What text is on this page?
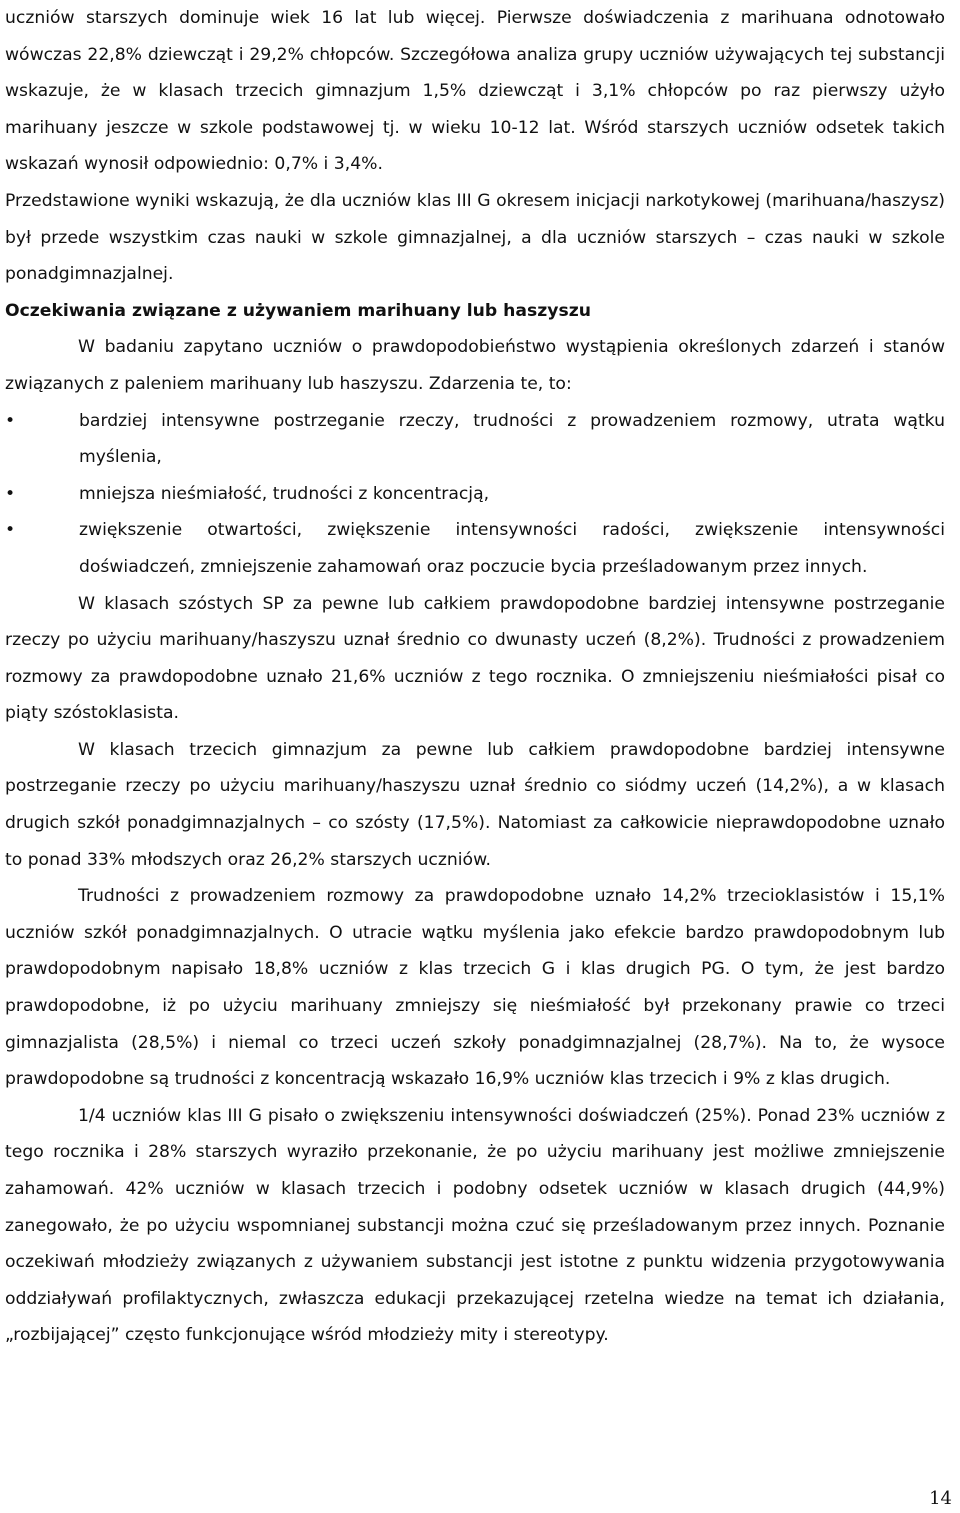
uczniów starszych dominuje wiek 16 lat lub więcej. Pierwsze doświadczenia z marihuana odnotowało wówczas 22,8% dziewcząt i 29,2% chłopców. Szczegółowa analiza grupy uczniów używających tej substancji wskazuje, że w klasach trzecich gimnazjum 1,5% dziewcząt i 3,1% chłopców po raz pierwszy użyło marihuany jeszcze w szkole podstawowej tj. w wieku 10-12 lat. Wśród starszych uczniów odsetek takich wskazań wynosił odpowiednio: 0,7% i 3,4%.

Przedstawione wyniki wskazują, że dla uczniów klas III G okresem inicjacji narkotykowej (marihuana/haszysz) był przede wszystkim czas nauki w szkole gimnazjalnej, a dla uczniów starszych – czas nauki w szkole ponadgimnazjalnej.

Oczekiwania związane z używaniem marihuany lub haszyszu

W badaniu zapytano uczniów o prawdopodobieństwo wystąpienia określonych zdarzeń i stanów związanych z paleniem marihuany lub haszyszu. Zdarzenia te, to:

•	bardziej intensywne postrzeganie rzeczy, trudności z prowadzeniem rozmowy, utrata wątku myślenia,
•	mniejsza nieśmiałość, trudności z koncentracją,
•	zwiększenie otwartości, zwiększenie intensywności radości, zwiększenie intensywności doświadczeń, zmniejszenie zahamowań oraz poczucie bycia prześladowanym przez innych.

W klasach szóstych SP za pewne lub całkiem prawdopodobne bardziej intensywne postrzeganie rzeczy po użyciu marihuany/haszyszu uznał średnio co dwunasty uczeń (8,2%). Trudności z prowadzeniem rozmowy za prawdopodobne uznało 21,6% uczniów z tego rocznika. O zmniejszeniu nieśmiałości pisał co piąty szóstoklasista.

W klasach trzecich gimnazjum za pewne lub całkiem prawdopodobne bardziej intensywne postrzeganie rzeczy po użyciu marihuany/haszyszu uznał średnio co siódmy uczeń (14,2%), a w klasach drugich szkół ponadgimnazjalnych – co szósty (17,5%). Natomiast za całkowicie nieprawdopodobne uznało to ponad 33% młodszych oraz 26,2% starszych uczniów.

Trudności z prowadzeniem rozmowy za prawdopodobne uznało 14,2% trzecioklasistów i 15,1% uczniów szkół ponadgimnazjalnych. O utracie wątku myślenia jako efekcie bardzo prawdopodobnym lub prawdopodobnym napisało 18,8% uczniów z klas trzecich G i klas drugich PG. O tym, że jest bardzo prawdopodobne, iż po użyciu marihuany zmniejszy się nieśmiałość był przekonany prawie co trzeci gimnazjalista (28,5%) i niemal co trzeci uczeń szkoły ponadgimnazjalnej (28,7%). Na to, że wysoce prawdopodobne są trudności z koncentracją wskazało 16,9% uczniów klas trzecich i 9% z klas drugich.

1/4 uczniów klas III G pisało o zwiększeniu intensywności doświadczeń (25%). Ponad 23% uczniów z tego rocznika i 28% starszych wyraziło przekonanie, że po użyciu marihuany jest możliwe zmniejszenie zahamowań. 42% uczniów w klasach trzecich i podobny odsetek uczniów w klasach drugich (44,9%) zanegowało, że po użyciu wspomnianej substancji można czuć się prześladowanym przez innych. Poznanie oczekiwań młodzieży związanych z używaniem substancji jest istotne z punktu widzenia przygotowywania oddziaływań profilaktycznych, zwłaszcza edukacji przekazującej rzetelna wiedze na temat ich działania, „rozbijającej” często funkcjonujące wśród młodzieży mity i stereotypy.

14
